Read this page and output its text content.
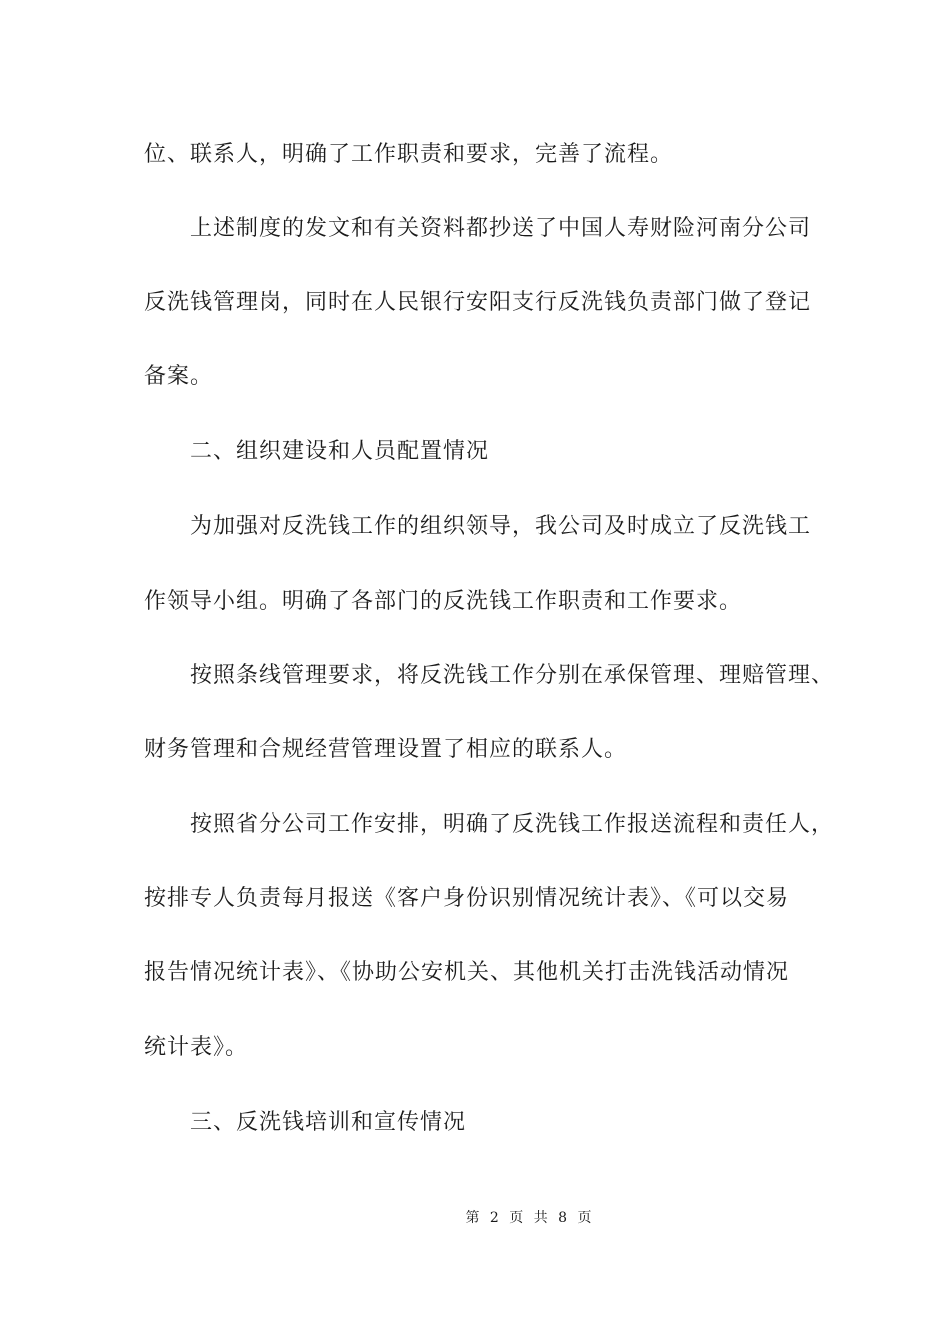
位、联系人，明确了工作职责和要求，完善了流程。
上述制度的发文和有关资料都抄送了中国人寿财险河南分公司
反洗钱管理岗，同时在人民银行安阳支行反洗钱负责部门做了登记
备案。
二、组织建设和人员配置情况
为加强对反洗钱工作的组织领导，我公司及时成立了反洗钱工
作领导小组。明确了各部门的反洗钱工作职责和工作要求。
按照条线管理要求，将反洗钱工作分别在承保管理、理赔管理、
财务管理和合规经营管理设置了相应的联系人。
按照省分公司工作安排，明确了反洗钱工作报送流程和责任人，
按排专人负责每月报送《客户身份识别情况统计表》、《可以交易
报告情况统计表》、《协助公安机关、其他机关打击洗钱活动情况
统计表》。
三、反洗钱培训和宣传情况
第 2 页 共 8 页
